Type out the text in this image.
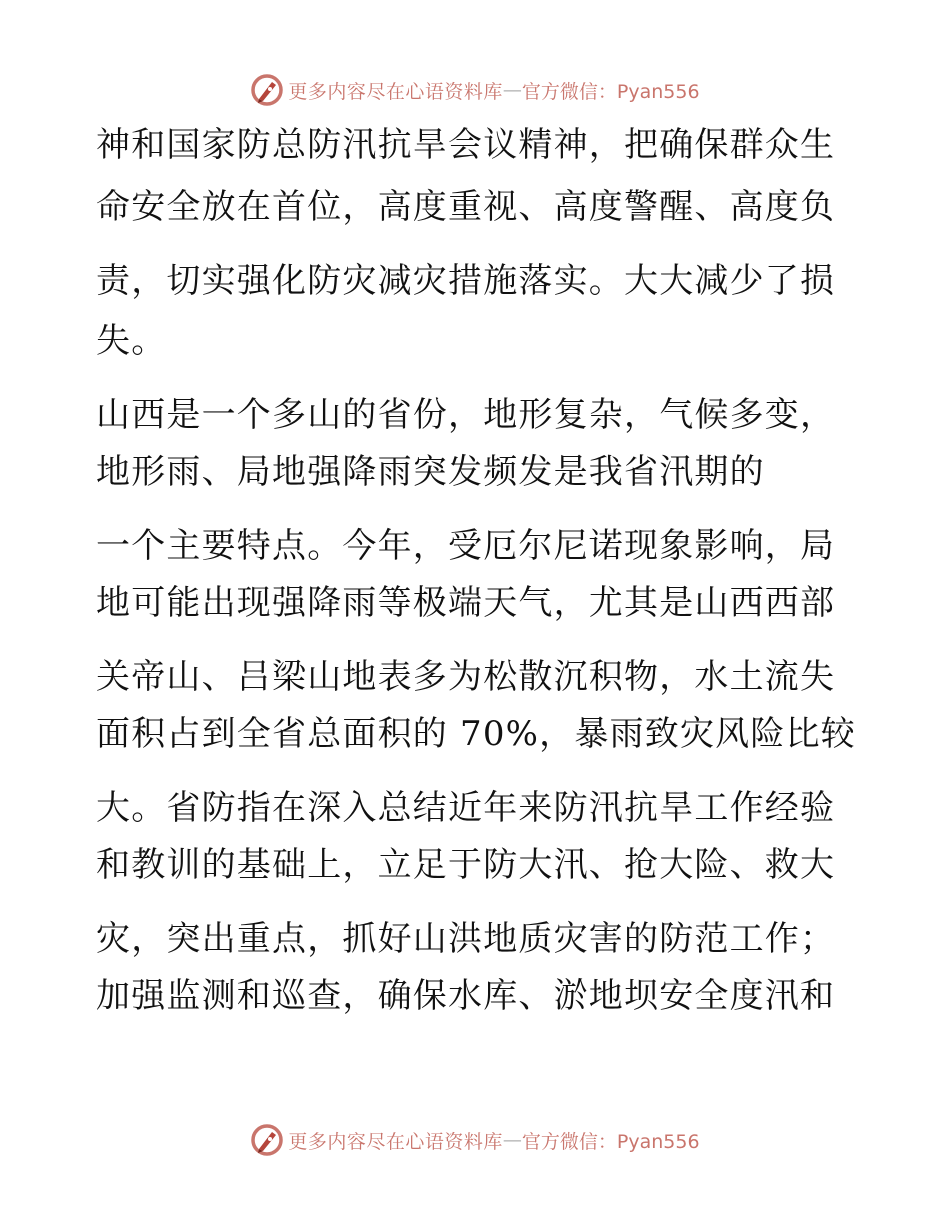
更多内容尽在心语资料库 — 官方微信：Pyan556
神和国家防总防汛抗旱会议精神，把确保群众生
命安全放在首位，高度重视、高度警醒、高度负
责，切实强化防灾减灾措施落实。大大减少了损
失。
山西是一个多山的省份，地形复杂，气候多变，
地形雨、局地强降雨突发频发是我省汛期的
一个主要特点。今年，受厄尔尼诺现象影响，局
地可能出现强降雨等极端天气，尤其是山西西部
关帝山、吕梁山地表多为松散沉积物，水土流失
面积占到全省总面积的 70%，暴雨致灾风险比较
大。省防指在深入总结近年来防汛抗旱工作经验
和教训的基础上，立足于防大汛、抢大险、救大
灾，突出重点，抓好山洪地质灾害的防范工作；
加强监测和巡查，确保水库、淤地坝安全度汛和
更多内容尽在心语资料库 — 官方微信：Pyan556
